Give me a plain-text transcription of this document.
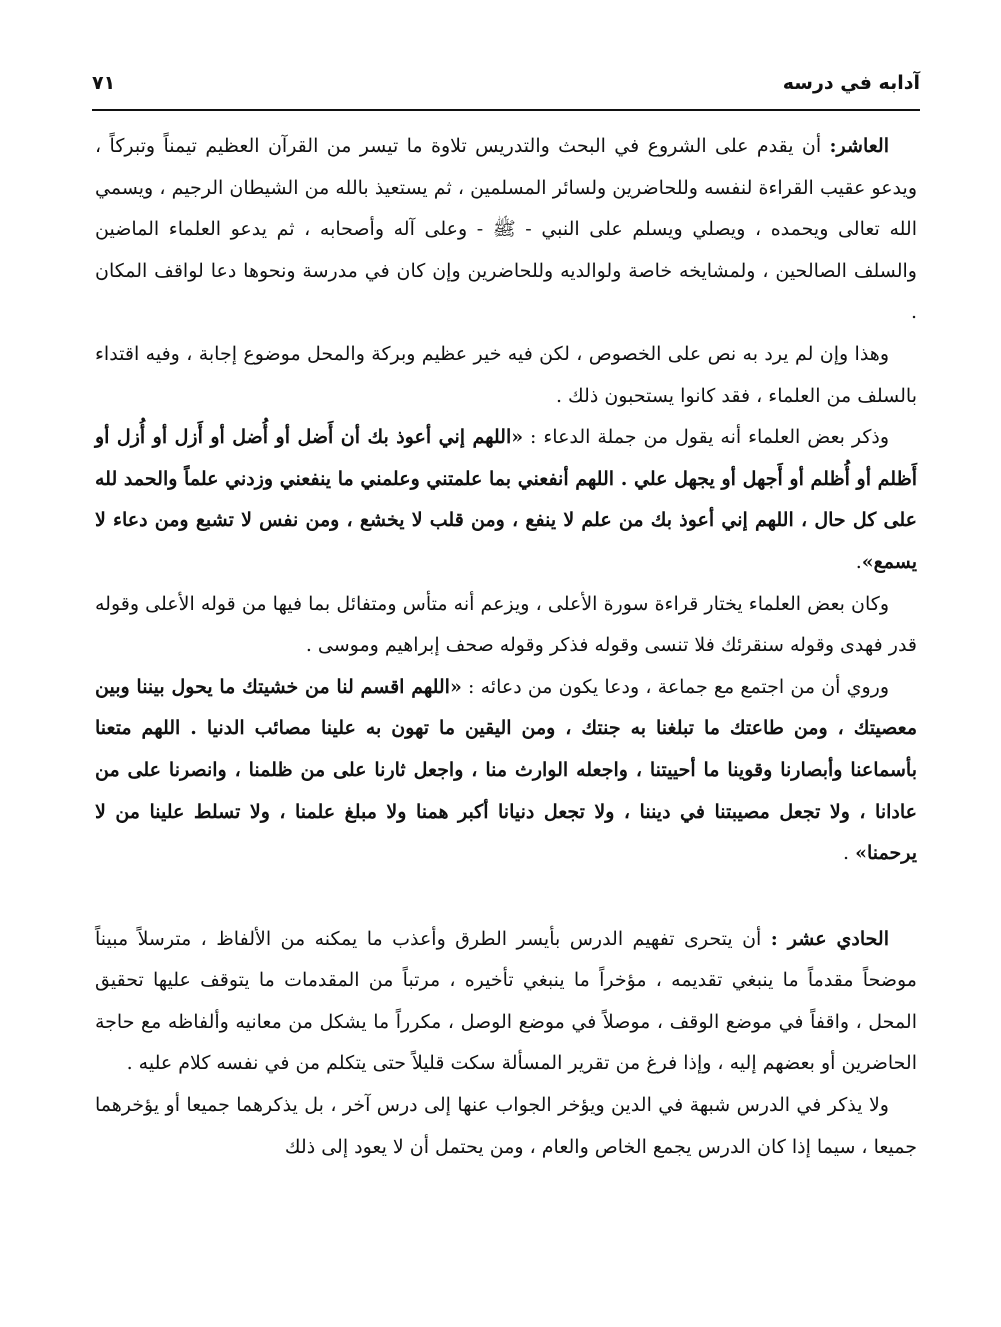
آدابه في درسه
٧١

العاشر: أن يقدم على الشروع في البحث والتدريس تلاوة ما تيسر من القرآن العظيم تيمناً وتبركاً ، ويدعو عقيب القراءة لنفسه وللحاضرين ولسائر المسلمين ، ثم يستعيذ بالله من الشيطان الرجيم ، ويسمي الله تعالى ويحمده ، ويصلي ويسلم على النبي - ﷺ - وعلى آله وأصحابه ، ثم يدعو العلماء الماضين والسلف الصالحين ، ولمشايخه خاصة ولوالديه وللحاضرين وإن كان في مدرسة ونحوها دعا لواقف المكان .

وهذا وإن لم يرد به نص على الخصوص ، لكن فيه خير عظيم وبركة والمحل موضوع إجابة ، وفيه اقتداء بالسلف من العلماء ، فقد كانوا يستحبون ذلك .

وذكر بعض العلماء أنه يقول من جملة الدعاء : «اللهم إني أعوذ بك أن أَضل أو أُضل أو أَزل أو أُزل أو أَظلم أو أُظلم أو أَجهل أو يجهل علي . اللهم أنفعني بما علمتني وعلمني ما ينفعني وزدني علماً والحمد لله على كل حال ، اللهم إني أعوذ بك من علم لا ينفع ، ومن قلب لا يخشع ، ومن نفس لا تشبع ومن دعاء لا يسمع».

وكان بعض العلماء يختار قراءة سورة الأعلى ، ويزعم أنه متأس ومتفائل بما فيها من قوله الأعلى وقوله قدر فهدى وقوله سنقرئك فلا تنسى وقوله فذكر وقوله صحف إبراهيم وموسى .

وروي أن من اجتمع مع جماعة ، ودعا يكون من دعائه : «اللهم اقسم لنا من خشيتك ما يحول بيننا وبين معصيتك ، ومن طاعتك ما تبلغنا به جنتك ، ومن اليقين ما تهون به علينا مصائب الدنيا . اللهم متعنا بأسماعنا وأبصارنا وقوينا ما أحييتنا ، واجعله الوارث منا ، واجعل ثارنا على من ظلمنا ، وانصرنا على من عادانا ، ولا تجعل مصيبتنا في ديننا ، ولا تجعل دنيانا أكبر همنا ولا مبلغ علمنا ، ولا تسلط علينا من لا يرحمنا» .

الحادي عشر : أن يتحرى تفهيم الدرس بأيسر الطرق وأعذب ما يمكنه من الألفاظ ، مترسلاً مبيناً موضحاً مقدماً ما ينبغي تقديمه ، مؤخراً ما ينبغي تأخيره ، مرتباً من المقدمات ما يتوقف عليها تحقيق المحل ، واقفاً في موضع الوقف ، موصلاً في موضع الوصل ، مكرراً ما يشكل من معانيه وألفاظه مع حاجة الحاضرين أو بعضهم إليه ، وإذا فرغ من تقرير المسألة سكت قليلاً حتى يتكلم من في نفسه كلام عليه .

ولا يذكر في الدرس شبهة في الدين ويؤخر الجواب عنها إلى درس آخر ، بل يذكرهما جميعا أو يؤخرهما جميعا ، سيما إذا كان الدرس يجمع الخاص والعام ، ومن يحتمل أن لا يعود إلى ذلك
